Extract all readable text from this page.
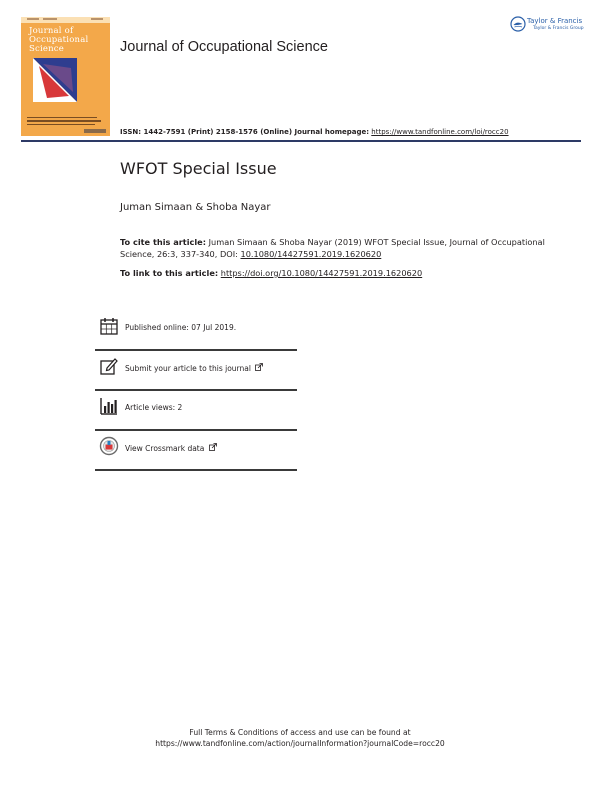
Journal of
Occupational
Science	Journal of Occupational Science
Taylor & Francis
Taylor & Francis Group
ISSN: 1442-7591 (Print) 2158-1576 (Online) Journal homepage: https://www.tandfonline.com/loi/rocc20
WFOT Special Issue
Juman Simaan & Shoba Nayar
To cite this article: Juman Simaan & Shoba Nayar (2019) WFOT Special Issue, Journal of Occupational Science, 26:3, 337-340, DOI: 10.1080/14427591.2019.1620620
To link to this article: https://doi.org/10.1080/14427591.2019.1620620
Published online: 07 Jul 2019.
Submit your article to this journal
Article views: 2
View Crossmark data
Full Terms & Conditions of access and use can be found at
https://www.tandfonline.com/action/journalInformation?journalCode=rocc20
